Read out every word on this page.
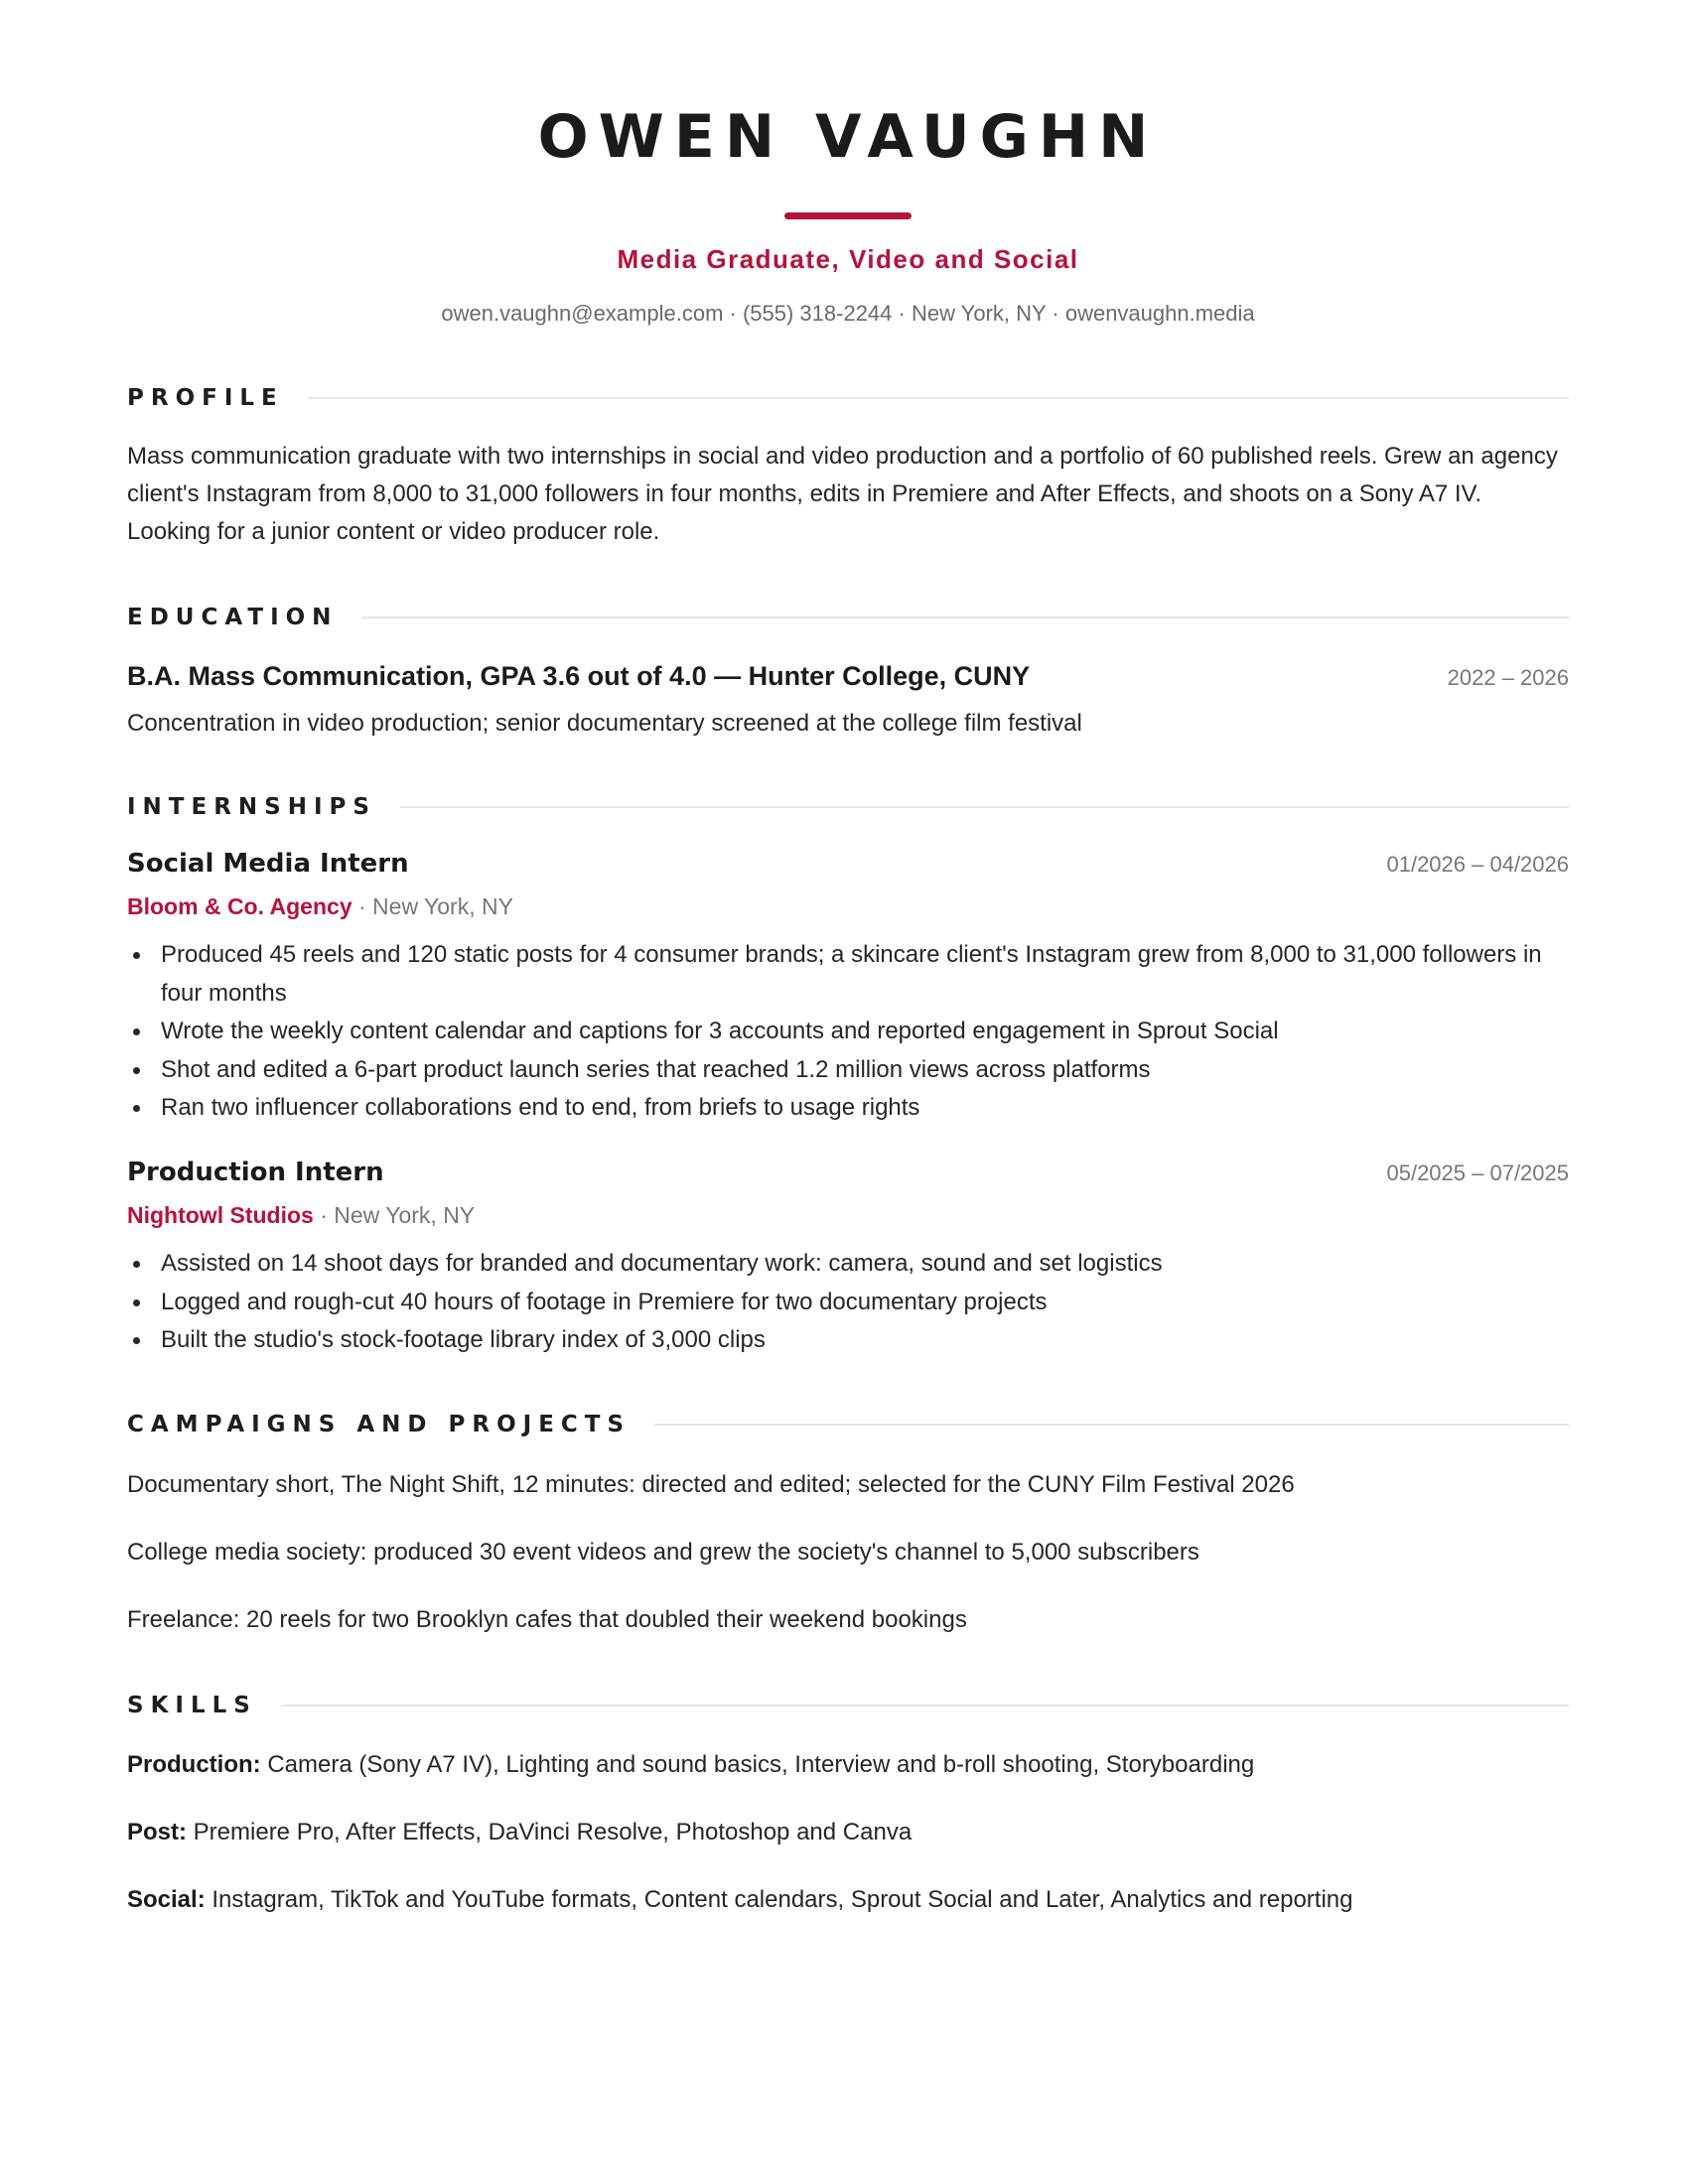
OWEN VAUGHN
Media Graduate, Video and Social
owen.vaughn@example.com · (555) 318-2244 · New York, NY · owenvaughn.media
PROFILE
Mass communication graduate with two internships in social and video production and a portfolio of 60 published reels. Grew an agency client's Instagram from 8,000 to 31,000 followers in four months, edits in Premiere and After Effects, and shoots on a Sony A7 IV. Looking for a junior content or video producer role.
EDUCATION
B.A. Mass Communication, GPA 3.6 out of 4.0 — Hunter College, CUNY	2022 – 2026
Concentration in video production; senior documentary screened at the college film festival
INTERNSHIPS
Social Media Intern	01/2026 – 04/2026
Bloom & Co. Agency · New York, NY
Produced 45 reels and 120 static posts for 4 consumer brands; a skincare client's Instagram grew from 8,000 to 31,000 followers in four months
Wrote the weekly content calendar and captions for 3 accounts and reported engagement in Sprout Social
Shot and edited a 6-part product launch series that reached 1.2 million views across platforms
Ran two influencer collaborations end to end, from briefs to usage rights
Production Intern	05/2025 – 07/2025
Nightowl Studios · New York, NY
Assisted on 14 shoot days for branded and documentary work: camera, sound and set logistics
Logged and rough-cut 40 hours of footage in Premiere for two documentary projects
Built the studio's stock-footage library index of 3,000 clips
CAMPAIGNS AND PROJECTS
Documentary short, The Night Shift, 12 minutes: directed and edited; selected for the CUNY Film Festival 2026
College media society: produced 30 event videos and grew the society's channel to 5,000 subscribers
Freelance: 20 reels for two Brooklyn cafes that doubled their weekend bookings
SKILLS
Production: Camera (Sony A7 IV), Lighting and sound basics, Interview and b-roll shooting, Storyboarding
Post: Premiere Pro, After Effects, DaVinci Resolve, Photoshop and Canva
Social: Instagram, TikTok and YouTube formats, Content calendars, Sprout Social and Later, Analytics and reporting
